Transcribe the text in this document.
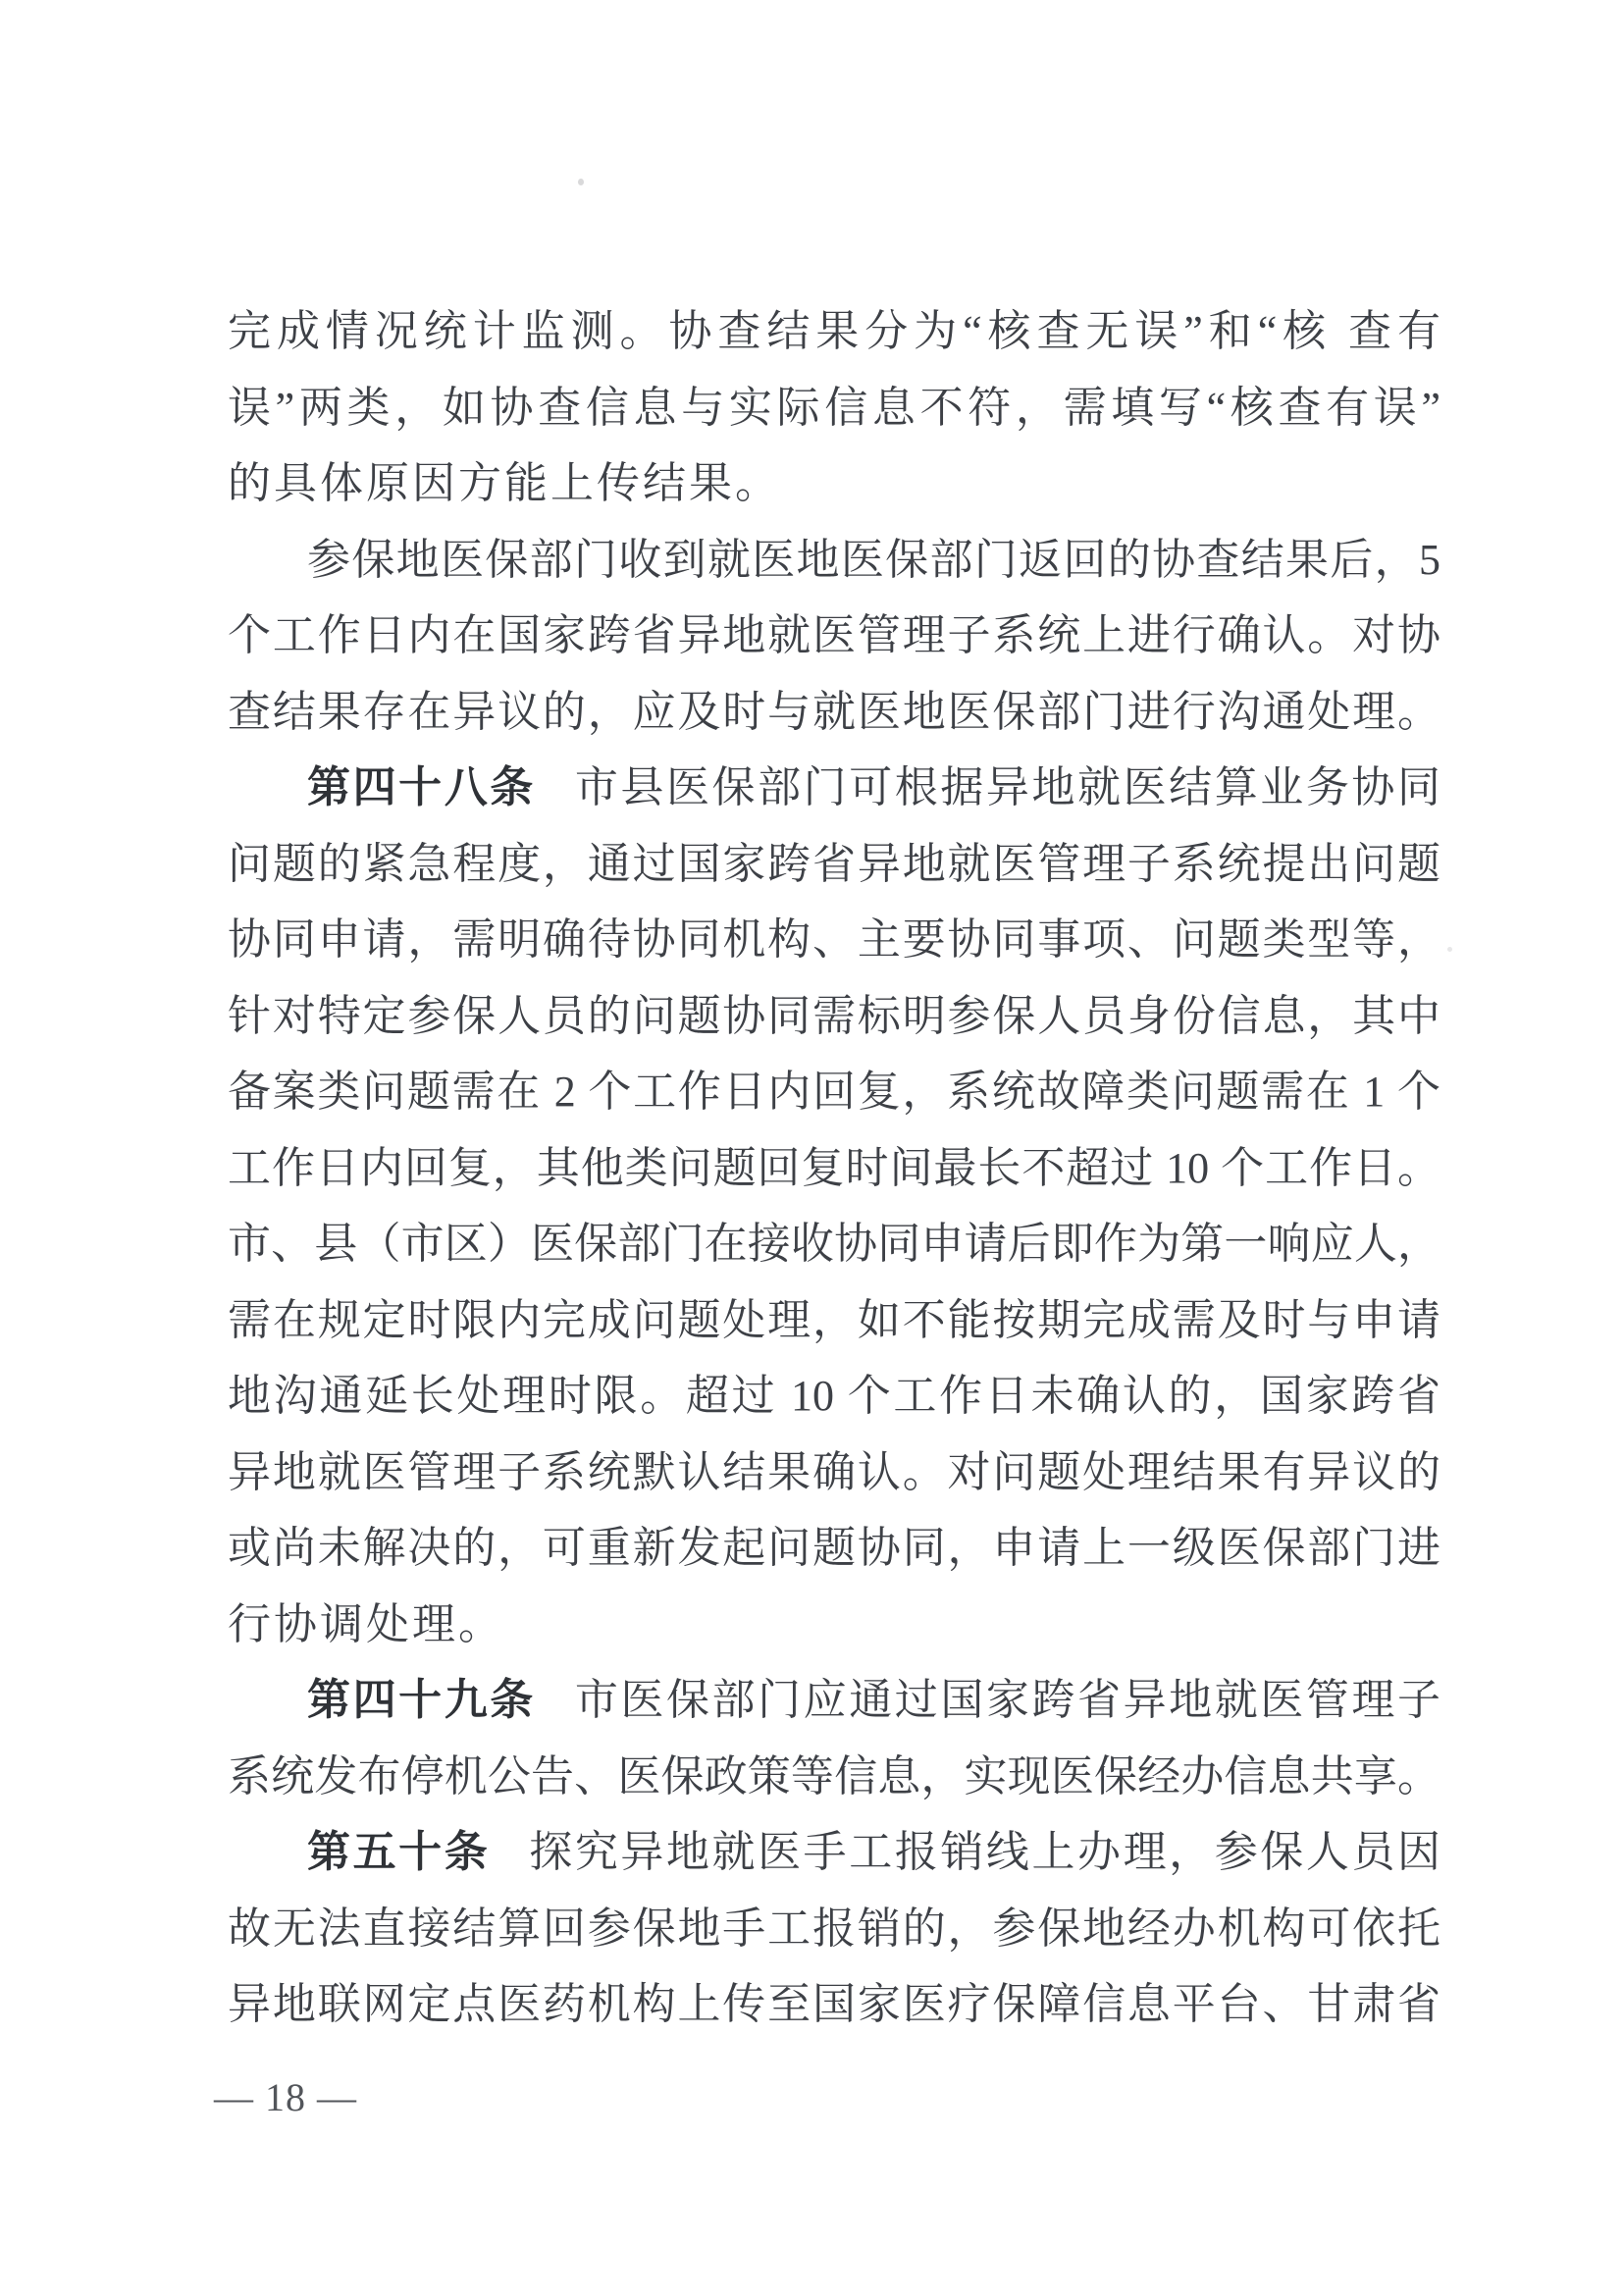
完成情况统计监测。协查结果分为“核查无误”和“核 查有
误”两类，如协查信息与实际信息不符，需填写“核查有误”
的具体原因方能上传结果。
参保地医保部门收到就医地医保部门返回的协查结果后，5
个工作日内在国家跨省异地就医管理子系统上进行确认。对协
查结果存在异议的，应及时与就医地医保部门进行沟通处理。
第四十八条 市县医保部门可根据异地就医结算业务协同
问题的紧急程度，通过国家跨省异地就医管理子系统提出问题
协同申请，需明确待协同机构、主要协同事项、问题类型等，
针对特定参保人员的问题协同需标明参保人员身份信息，其中
备案类问题需在 2 个工作日内回复，系统故障类问题需在 1 个
工作日内回复，其他类问题回复时间最长不超过 10 个工作日。
市、县（市区）医保部门在接收协同申请后即作为第一响应人，
需在规定时限内完成问题处理，如不能按期完成需及时与申请
地沟通延长处理时限。超过 10 个工作日未确认的，国家跨省
异地就医管理子系统默认结果确认。对问题处理结果有异议的
或尚未解决的，可重新发起问题协同，申请上一级医保部门进
行协调处理。
第四十九条 市医保部门应通过国家跨省异地就医管理子
系统发布停机公告、医保政策等信息，实现医保经办信息共享。
第五十条 探究异地就医手工报销线上办理，参保人员因
故无法直接结算回参保地手工报销的，参保地经办机构可依托
异地联网定点医药机构上传至国家医疗保障信息平台、甘肃省
— 18 —
